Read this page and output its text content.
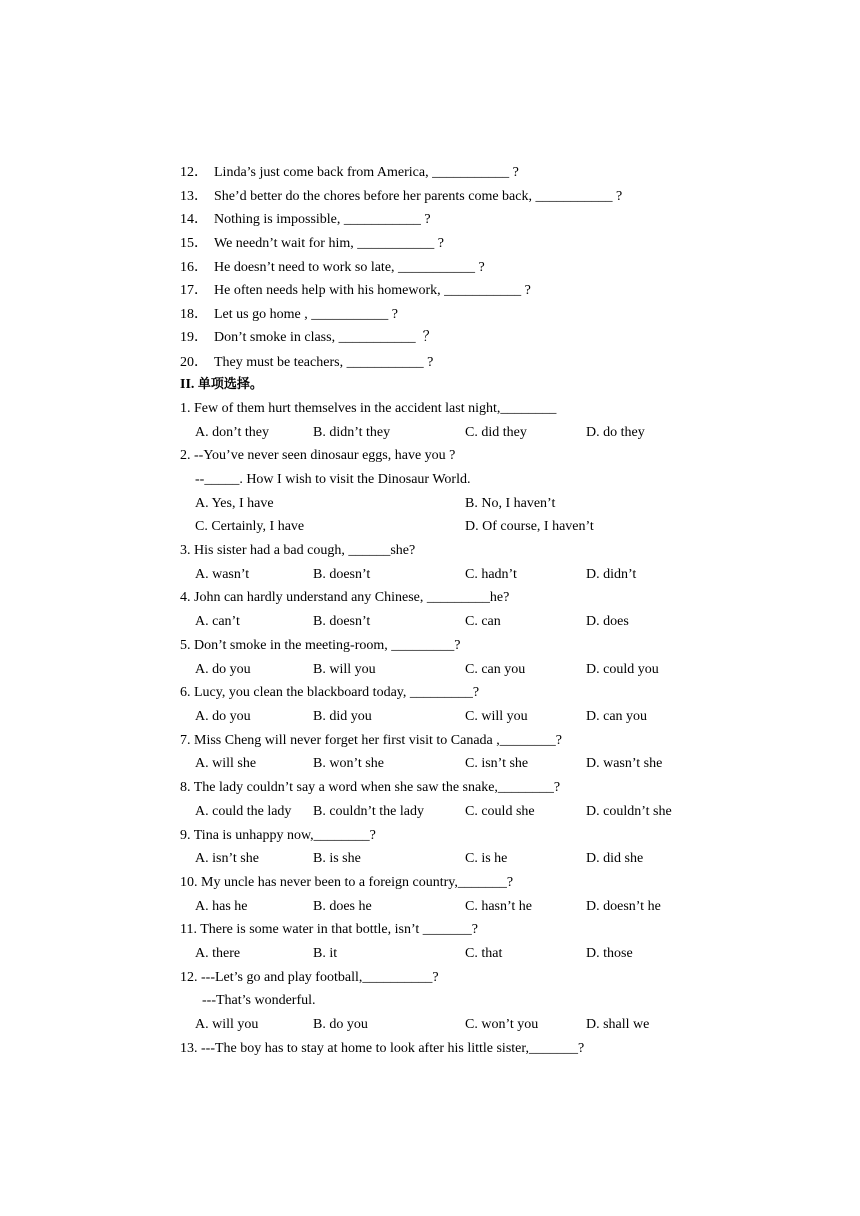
12． Linda’s just come back from America, ___________ ?
13． She’d better do the chores before her parents come back, ___________ ?
14． Nothing is impossible, ___________ ?
15． We needn’t wait for him, ___________ ?
16． He doesn’t need to work so late, ___________ ?
17． He often needs help with his homework, ___________ ?
18． Let us go home , ___________ ?
19． Don’t smoke in class, ___________  ？
20． They must be teachers, ___________ ?
II. 单项选择。
1. Few of them hurt themselves in the accident last night,________
A. don’t they	B. didn’t they	C. did they	D. do they
2. --You’ve never seen dinosaur eggs, have you ?
--_____. How I wish to visit the Dinosaur World.
A. Yes, I have	B. No, I haven’t
C. Certainly, I have	D. Of course, I haven’t
3. His sister had a bad cough, ______she?
A. wasn’t	B. doesn’t	C. hadn’t	D. didn’t
4. John can hardly understand any Chinese, _________he?
A. can’t	B. doesn’t	C. can	D. does
5. Don’t smoke in the meeting-room, _________?
A. do you	B. will you	C. can you	D. could you
6. Lucy, you clean the blackboard today, _________?
A. do you	B. did you	C. will you	D. can you
7. Miss Cheng will never forget her first visit to Canada ,________?
A. will she	B. won’t she	C. isn’t she	D. wasn’t she
8. The lady couldn’t say a word when she saw the snake,________?
A. could the lady B. couldn’t the lady	C. could she	D. couldn’t she
9. Tina is unhappy now,________?
A. isn’t she	B. is she	C. is he	D. did she
10. My uncle has never been to a foreign country,_______?
A. has he	B. does he	C. hasn’t he	D. doesn’t he
11. There is some water in that bottle, isn’t _______?
A. there	B. it	C. that	D. those
12. ---Let’s go and play football,__________?
---That’s wonderful.
A. will you	B. do you	C. won’t you	D. shall we
13. ---The boy has to stay at home to look after his little sister,_______?
